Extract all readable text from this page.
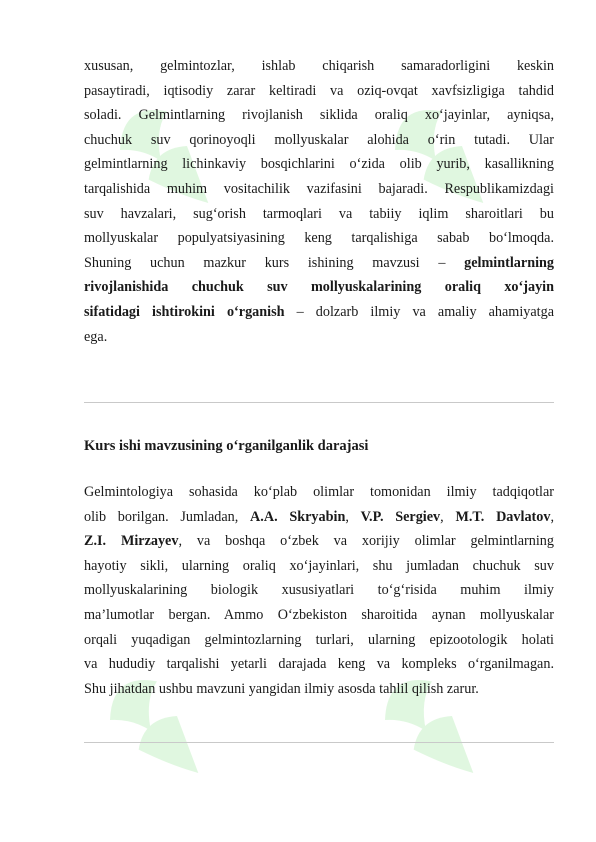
xususan, gelmintozlar, ishlab chiqarish samaradorligini keskin
pasaytiradi, iqtisodiy zarar keltiradi va oziq-ovqat xavfsizligiga tahdid
soladi. Gelmintlarning rivojlanish siklida oraliq xo‘jayinlar, ayniqsa,
chuchuk suv qorinoyoqli mollyuskalar alohida o‘rin tutadi. Ular
gelmintlarning lichinkaviy bosqichlarini o‘zida olib yurib, kasallikning
tarqalishida muhim vositachilik vazifasini bajaradi. Respublikamizdagi
suv havzalari, sug‘orish tarmoqlari va tabiiy iqlim sharoitlari bu
mollyuskalar populyatsiyasining keng tarqalishiga sabab bo‘lmoqda.
Shuning uchun mazkur kurs ishining mavzusi – gelmintlarning
rivojlanishida chuchuk suv mollyuskalarining oraliq xo‘jayin
sifatidagi ishtirokini o‘rganish – dolzarb ilmiy va amaliy ahamiyatga
ega.
Kurs ishi mavzusining o‘rganilganlik darajasi
Gelmintologiya sohasida ko‘plab olimlar tomonidan ilmiy tadqiqotlar
olib borilgan. Jumladan, A.A. Skryabin, V.P. Sergiev, M.T. Davlatov,
Z.I. Mirzayev, va boshqa o‘zbek va xorijiy olimlar gelmintlarning
hayotiy sikli, ularning oraliq xo‘jayinlari, shu jumladan chuchuk suv
mollyuskalarining biologik xususiyatlari to‘g‘risida muhim ilmiy
ma’lumotlar bergan. Ammo O‘zbekiston sharoitida aynan mollyuskalar
orqali yuqadigan gelmintozlarning turlari, ularning epizootologik holati
va hududiy tarqalishi yetarli darajada keng va kompleks o‘rganilmagan.
Shu jihatdan ushbu mavzuni yangidan ilmiy asosda tahlil qilish zarur.
